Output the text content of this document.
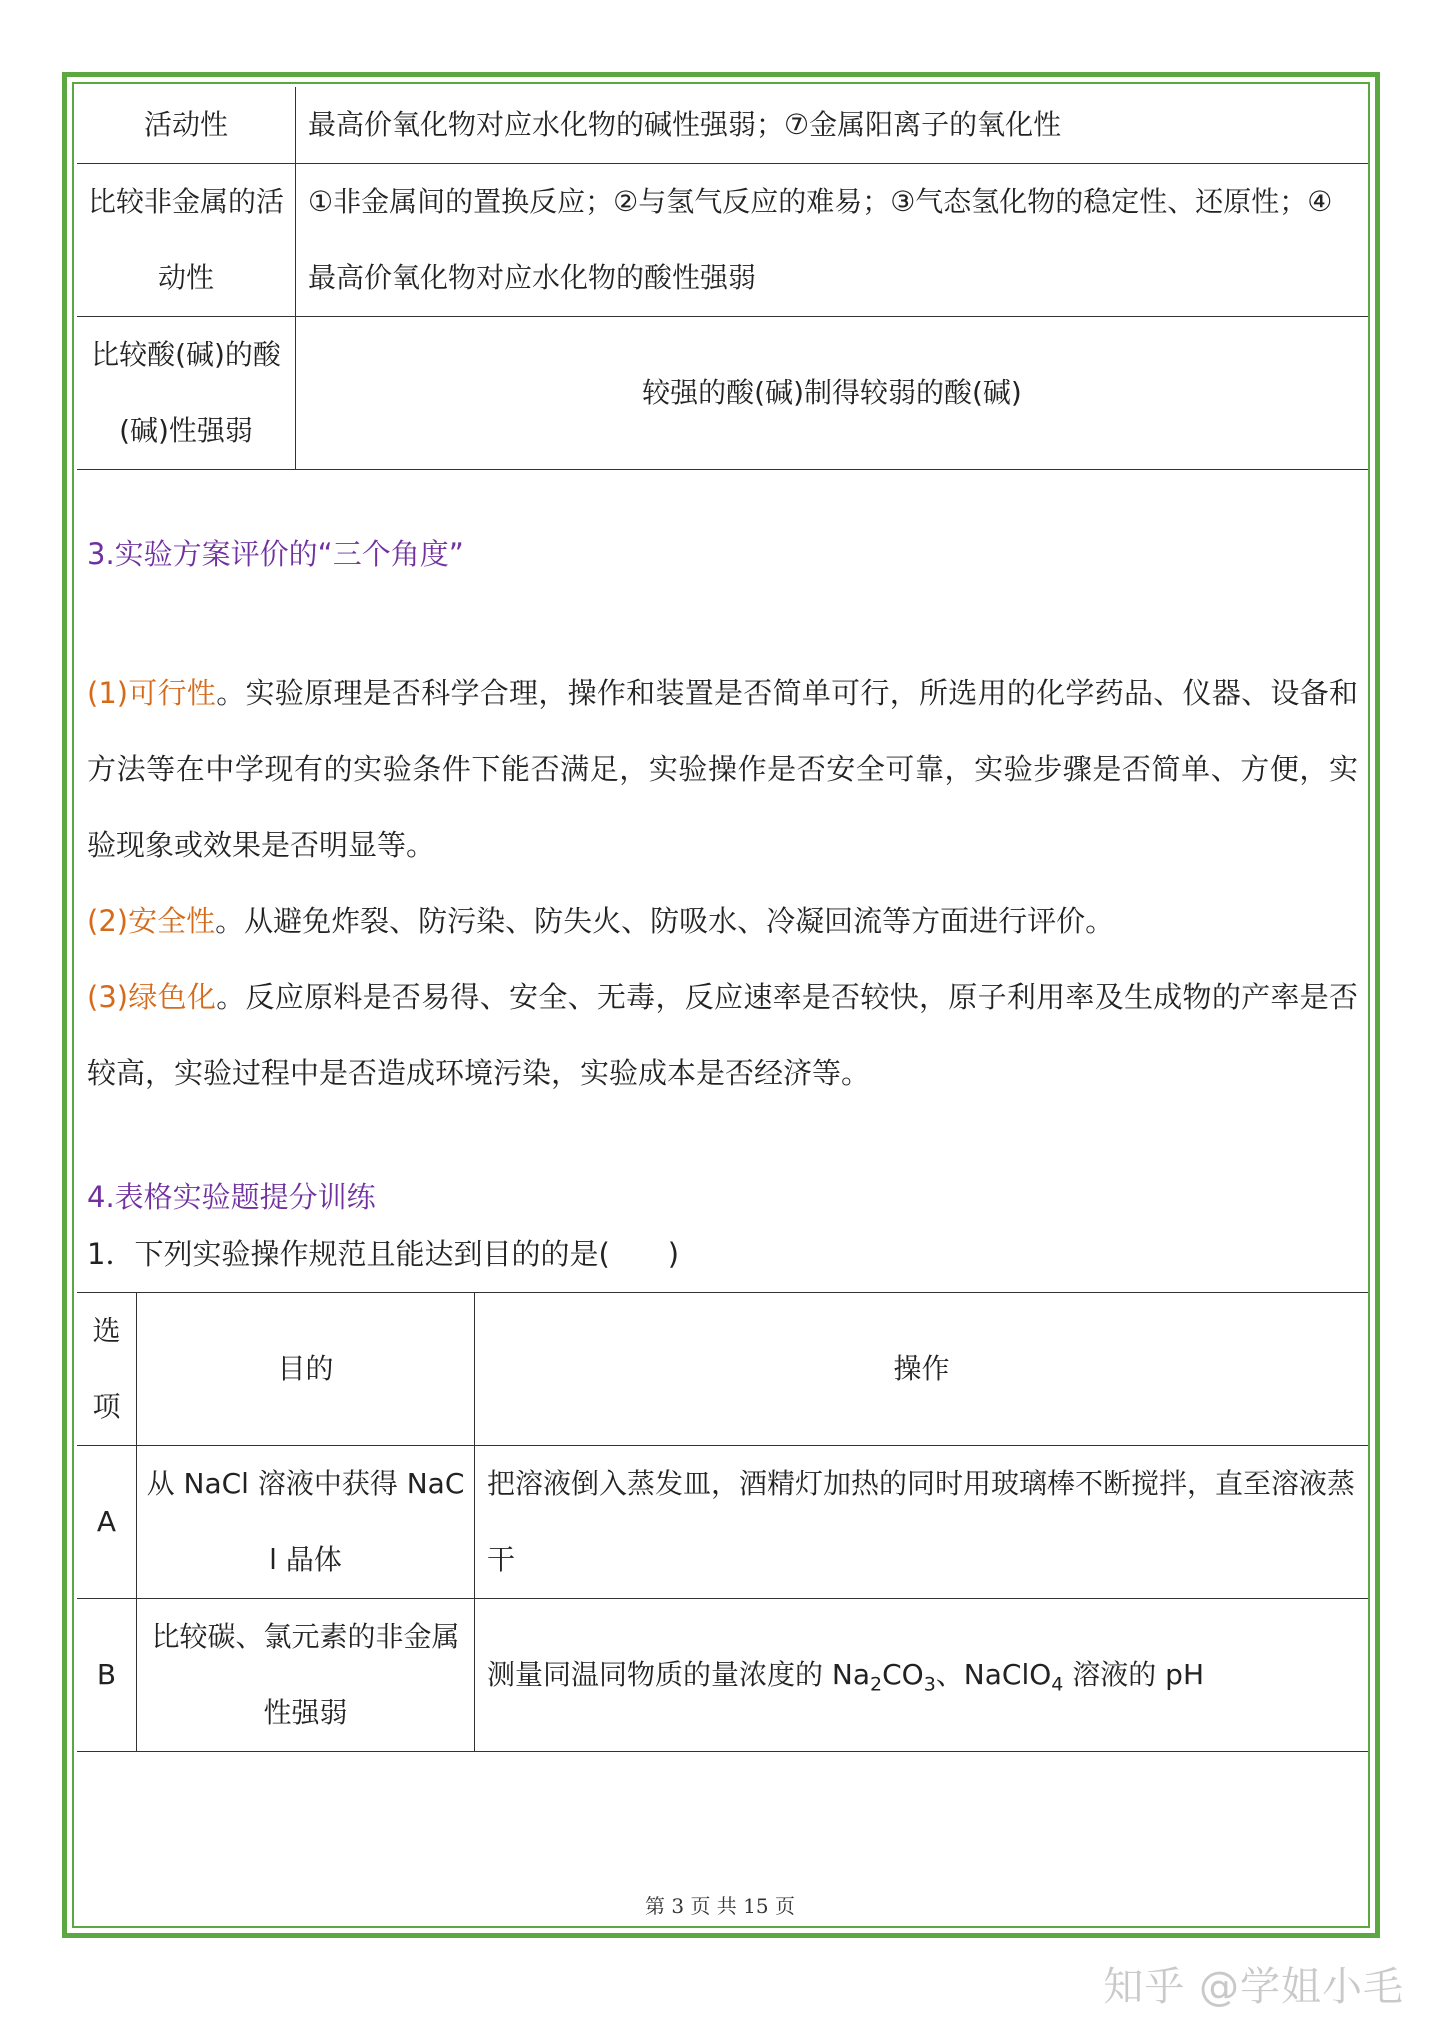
活动性	最高价氧化物对应水化物的碱性强弱；⑦金属阳离子的氧化性
比较非金属的活动性	①非金属间的置换反应；②与氢气反应的难易；③气态氢化物的稳定性、还原性；④最高价氧化物对应水化物的酸性强弱
比较酸(碱)的酸(碱)性强弱	较强的酸(碱)制得较弱的酸(碱)
3.实验方案评价的“三个角度”
(1)可行性。实验原理是否科学合理，操作和装置是否简单可行，所选用的化学药品、仪器、设备和方法等在中学现有的实验条件下能否满足，实验操作是否安全可靠，实验步骤是否简单、方便，实验现象或效果是否明显等。
(2)安全性。从避免炸裂、防污染、防失火、防吸水、冷凝回流等方面进行评价。
(3)绿色化。反应原料是否易得、安全、无毒，反应速率是否较快，原子利用率及生成物的产率是否较高，实验过程中是否造成环境污染，实验成本是否经济等。
4.表格实验题提分训练
1．下列实验操作规范且能达到目的的是(　　)
选项	目的	操作
A	从 NaCl 溶液中获得 NaCl 晶体	把溶液倒入蒸发皿，酒精灯加热的同时用玻璃棒不断搅拌，直至溶液蒸干
B	比较碳、氯元素的非金属性强弱	测量同温同物质的量浓度的 $Na_2CO_3$、NaClO$_4$ 溶液的 pH
第 3 页 共 15 页
知乎 @学姐小毛
